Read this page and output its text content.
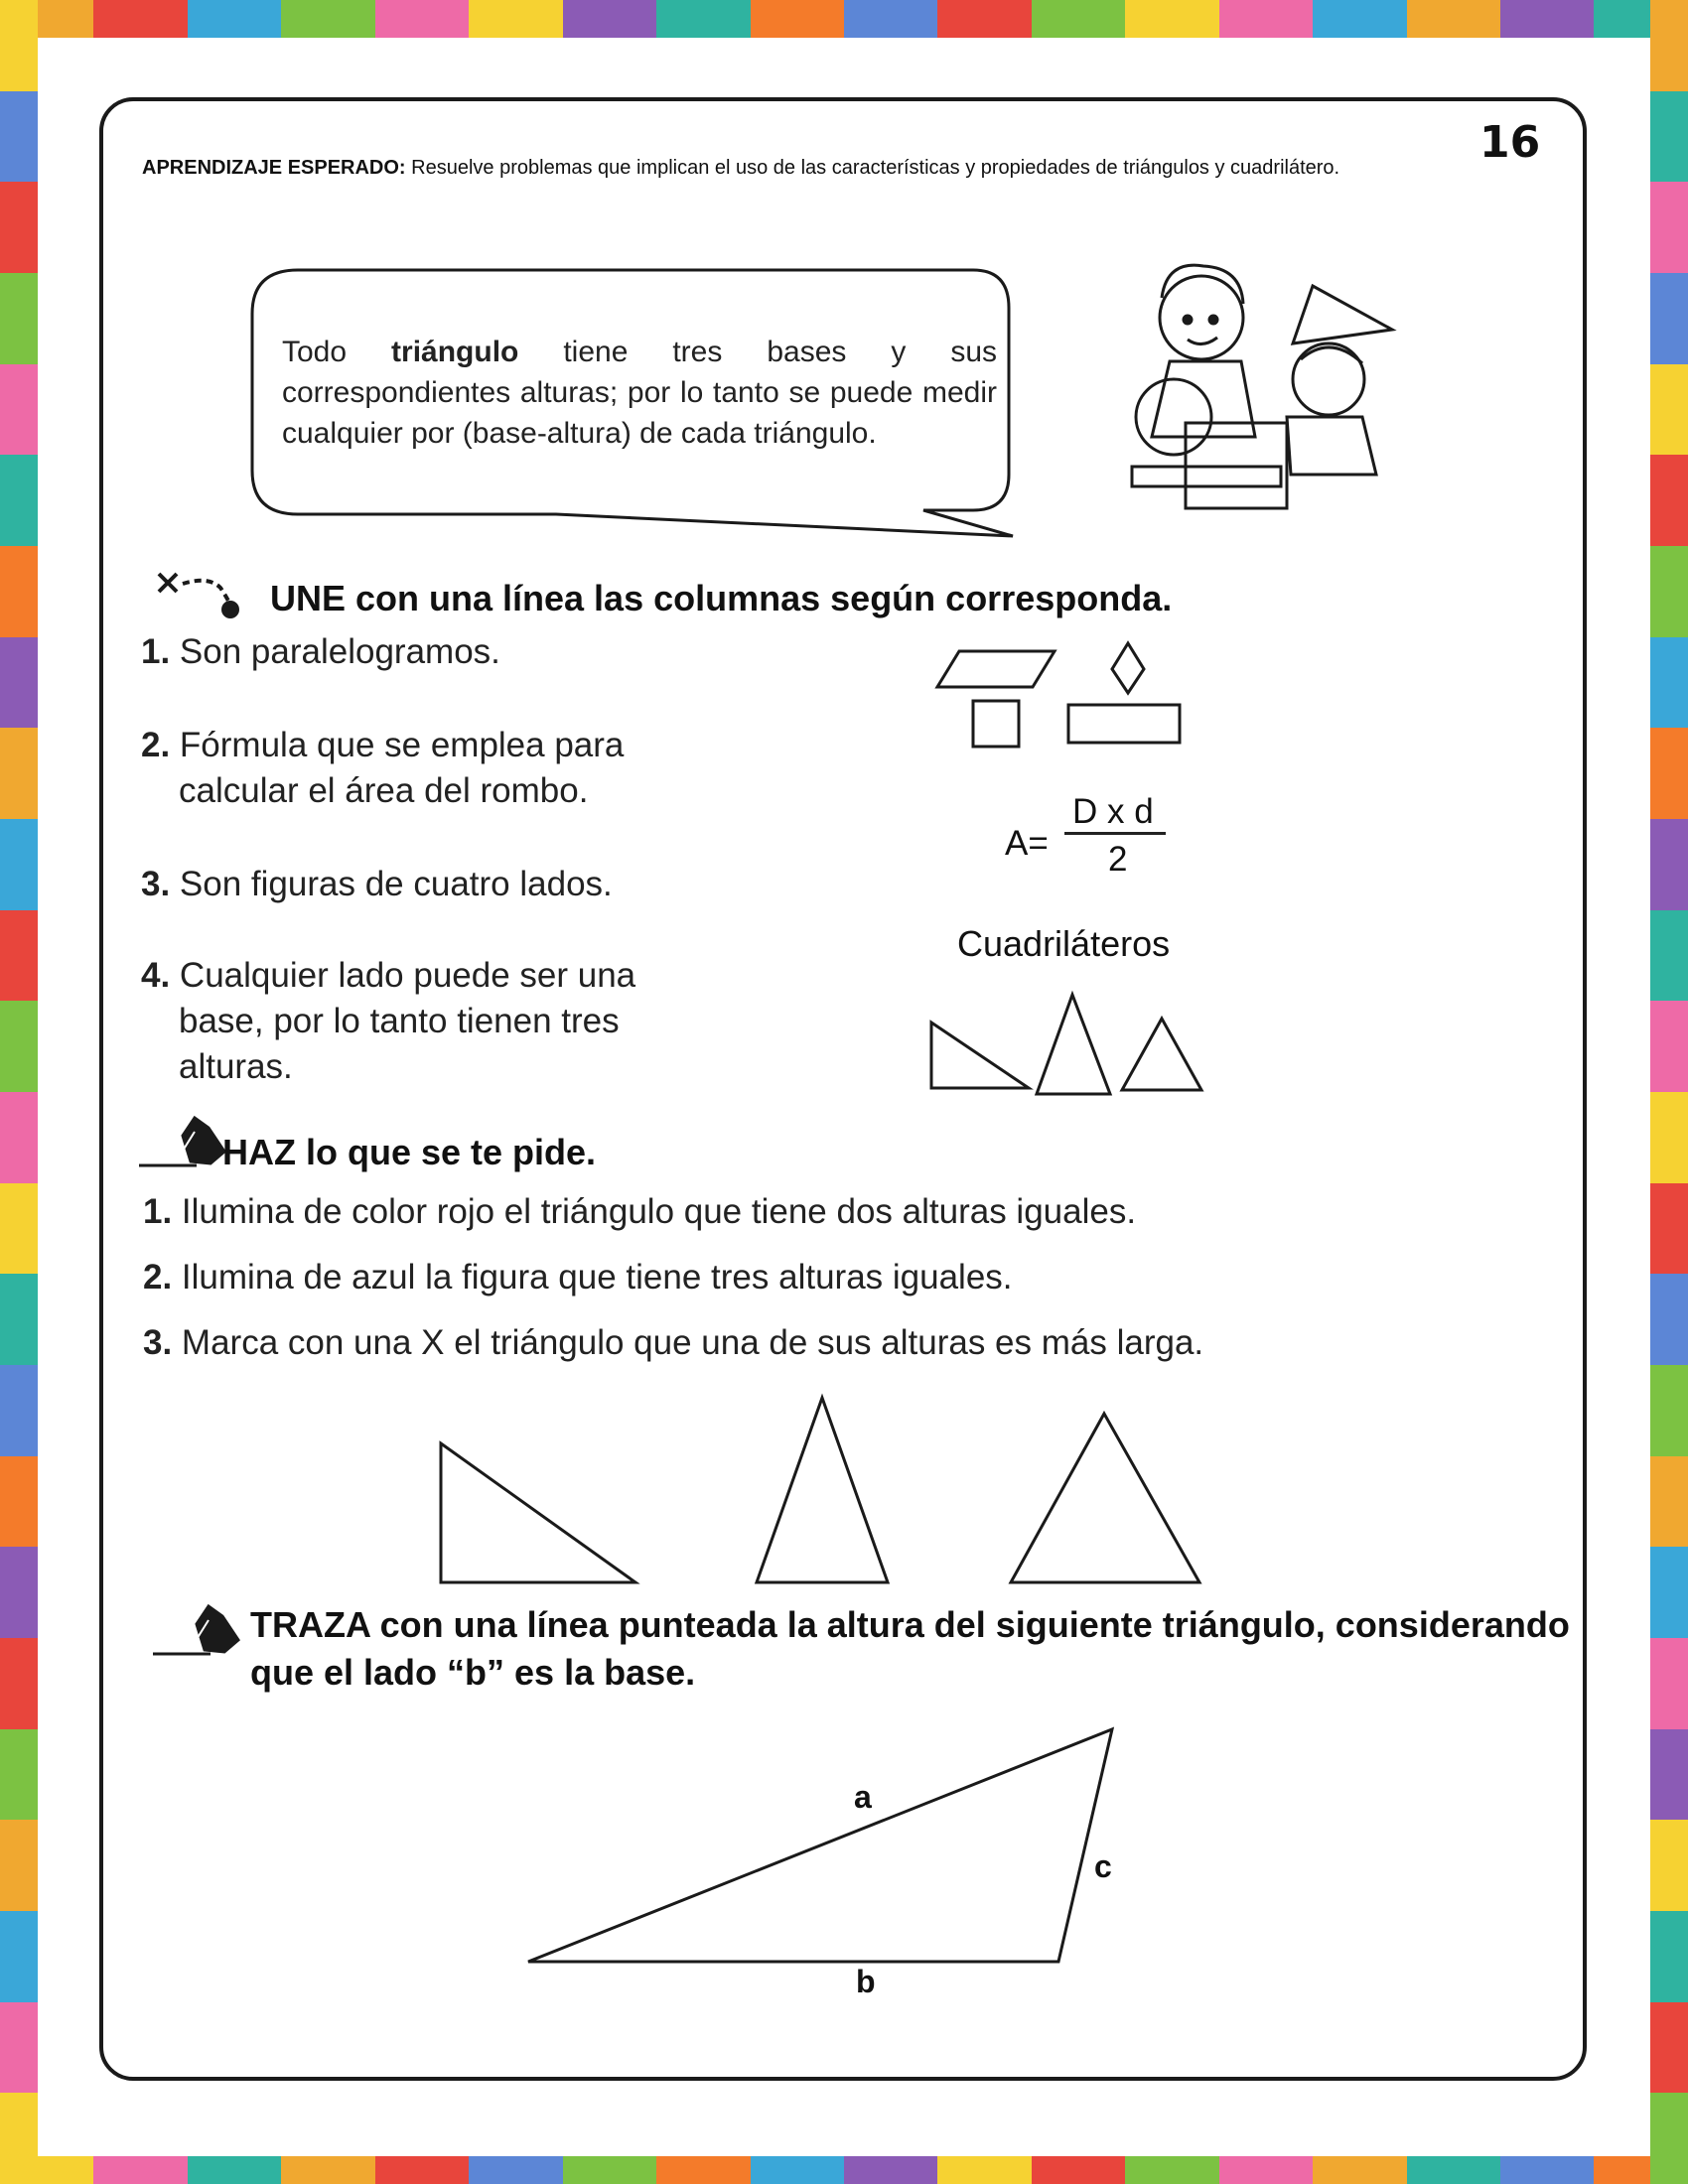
16
APRENDIZAJE ESPERADO: Resuelve problemas que implican el uso de las características y propiedades de triángulos y cuadrilátero.
Todo triángulo tiene tres bases y sus correspondientes alturas; por lo tanto se puede medir cualquier por (base-altura) de cada triángulo.
UNE con una línea las columnas según corresponda.
1. Son paralelogramos.
2. Fórmula que se emplea para
calcular el área del rombo.
3. Son figuras de cuatro lados.
4. Cualquier lado puede ser una
base, por lo tanto tienen tres
alturas.
A=
D x d
2
Cuadriláteros
HAZ lo que se te pide.
1. Ilumina de color rojo el triángulo que tiene dos alturas iguales.
2. Ilumina de azul la figura que tiene tres alturas iguales.
3. Marca con una X el triángulo que una de sus alturas es más larga.
TRAZA con una línea punteada la altura del siguiente triángulo, considerando
que el lado “b” es la base.
a
c
b
